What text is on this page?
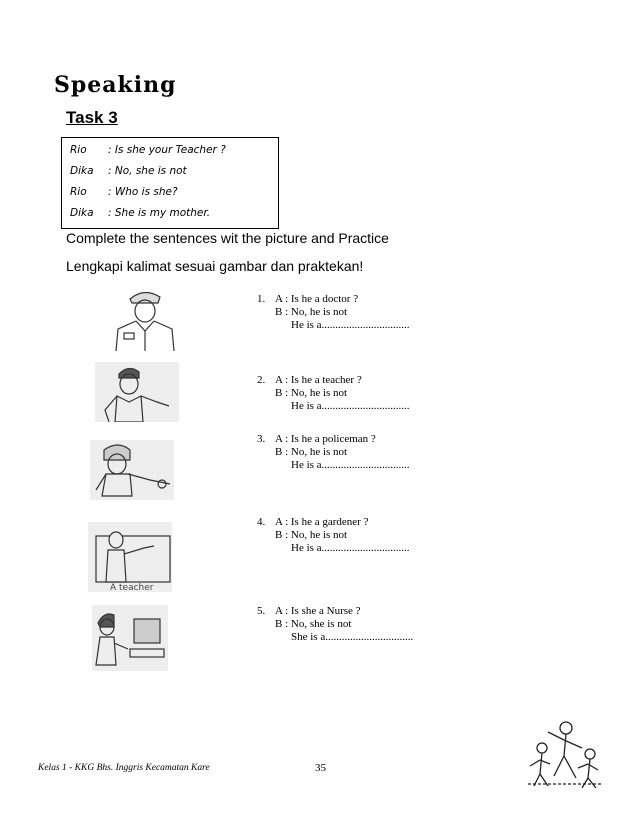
Speaking
Task 3
Rio : Is she your Teacher ?
Dika : No, she is not
Rio : Who is she?
Dika : She is my mother.
Complete the sentences wit the picture and Practice
Lengkapi kalimat sesuai gambar dan praktekan!
A teacher
1. A : Is he a doctor ?
B : No, he is not
He is a................................
2. A : Is he a teacher ?
B : No, he is not
He is a................................
3. A : Is he a policeman ?
B : No, he is not
He is a................................
4. A : Is he a gardener ?
B : No, he is not
He is a................................
5. A : Is she a Nurse ?
B : No, she is not
She is a................................
Kelas 1 - KKG Bhs. Inggris Kecamatan Kare	35
